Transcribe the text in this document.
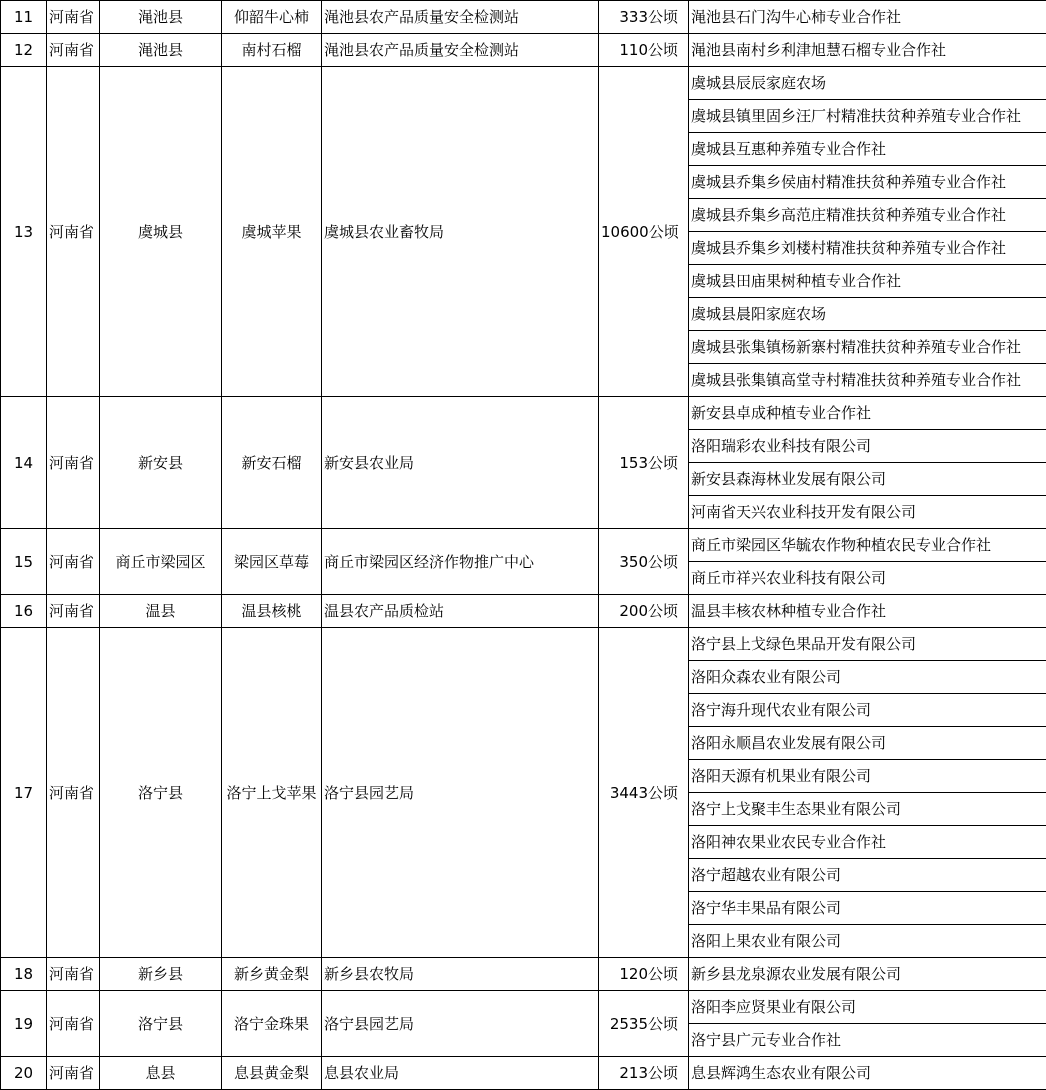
11	河南省	渑池县	仰韶牛心柿	渑池县农产品质量安全检测站	333公顷	渑池县石门沟牛心柿专业合作社
12	河南省	渑池县	南村石榴	渑池县农产品质量安全检测站	110公顷	渑池县南村乡利津旭慧石榴专业合作社
13	河南省	虞城县	虞城苹果	虞城县农业畜牧局	10600公顷	虞城县辰辰家庭农场
						虞城县镇里固乡汪厂村精准扶贫种养殖专业合作社
						虞城县互惠种养殖专业合作社
						虞城县乔集乡侯庙村精准扶贫种养殖专业合作社
						虞城县乔集乡高范庄精准扶贫种养殖专业合作社
						虞城县乔集乡刘楼村精准扶贫种养殖专业合作社
						虞城县田庙果树种植专业合作社
						虞城县晨阳家庭农场
						虞城县张集镇杨新寨村精准扶贫种养殖专业合作社
						虞城县张集镇高堂寺村精准扶贫种养殖专业合作社
14	河南省	新安县	新安石榴	新安县农业局	153公顷	新安县卓成种植专业合作社
						洛阳瑞彩农业科技有限公司
						新安县森海林业发展有限公司
						河南省天兴农业科技开发有限公司
15	河南省	商丘市梁园区	梁园区草莓	商丘市梁园区经济作物推广中心	350公顷	商丘市梁园区华毓农作物种植农民专业合作社
						商丘市祥兴农业科技有限公司
16	河南省	温县	温县核桃	温县农产品质检站	200公顷	温县丰核农林种植专业合作社
17	河南省	洛宁县	洛宁上戈苹果	洛宁县园艺局	3443公顷	洛宁县上戈绿色果品开发有限公司
						洛阳众森农业有限公司
						洛宁海升现代农业有限公司
						洛阳永顺昌农业发展有限公司
						洛阳天源有机果业有限公司
						洛宁上戈聚丰生态果业有限公司
						洛阳神农果业农民专业合作社
						洛宁超越农业有限公司
						洛宁华丰果品有限公司
						洛阳上果农业有限公司
18	河南省	新乡县	新乡黄金梨	新乡县农牧局	120公顷	新乡县龙泉源农业发展有限公司
19	河南省	洛宁县	洛宁金珠果	洛宁县园艺局	2535公顷	洛阳李应贤果业有限公司
						洛宁县广元专业合作社
20	河南省	息县	息县黄金梨	息县农业局	213公顷	息县辉鸿生态农业有限公司
